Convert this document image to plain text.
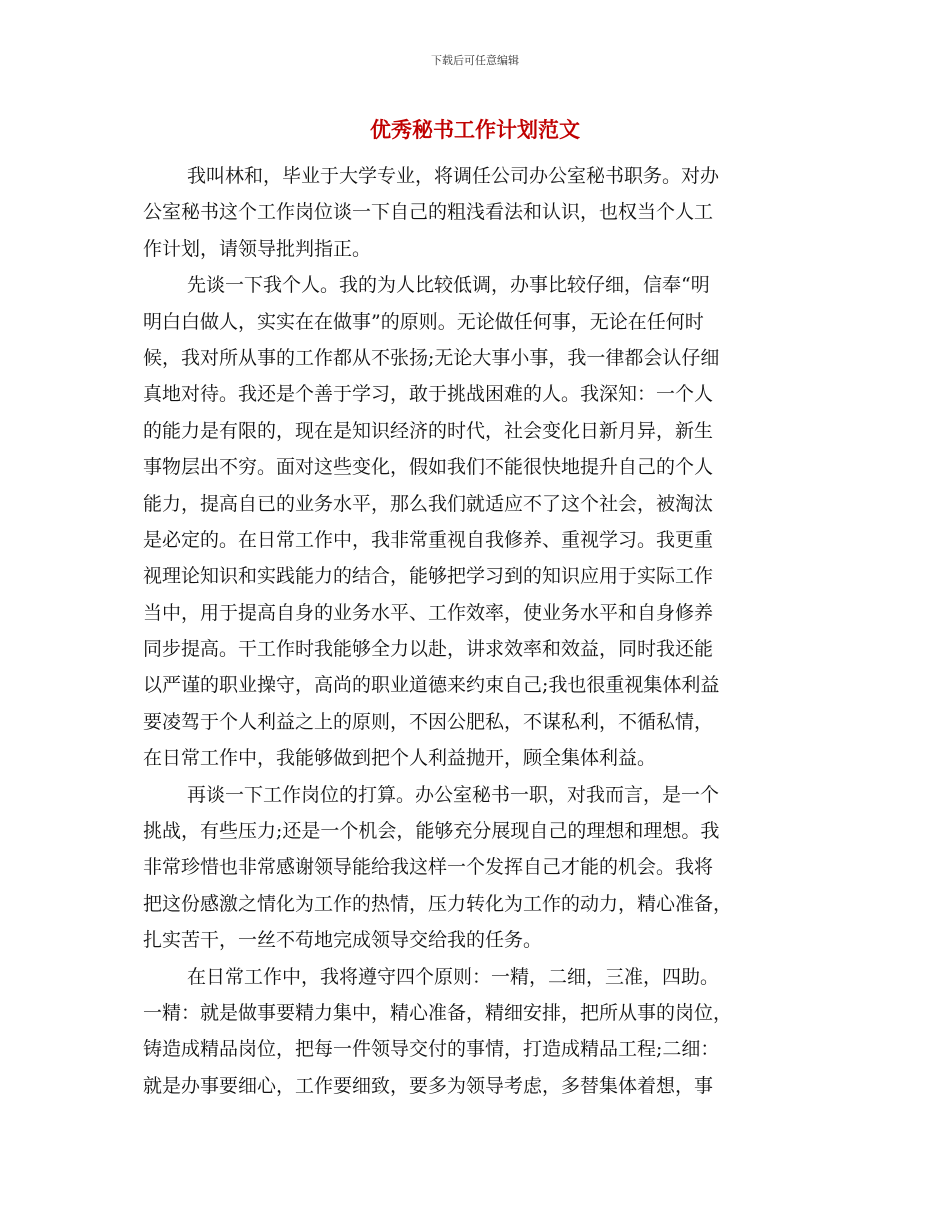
下载后可任意编辑
优秀秘书工作计划范文
我叫林和，毕业于大学专业，将调任公司办公室秘书职务。对办
公室秘书这个工作岗位谈一下自己的粗浅看法和认识，也权当个人工
作计划，请领导批判指正。
先谈一下我个人。我的为人比较低调，办事比较仔细，信奉“明
明白白做人，实实在在做事”的原则。无论做任何事，无论在任何时
候，我对所从事的工作都从不张扬;无论大事小事，我一律都会认仔细
真地对待。我还是个善于学习，敢于挑战困难的人。我深知：一个人
的能力是有限的，现在是知识经济的时代，社会变化日新月异，新生
事物层出不穷。面对这些变化，假如我们不能很快地提升自己的个人
能力，提高自已的业务水平，那么我们就适应不了这个社会，被淘汰
是必定的。在日常工作中，我非常重视自我修养、重视学习。我更重
视理论知识和实践能力的结合，能够把学习到的知识应用于实际工作
当中，用于提高自身的业务水平、工作效率，使业务水平和自身修养
同步提高。干工作时我能够全力以赴，讲求效率和效益，同时我还能
以严谨的职业操守，高尚的职业道德来约束自己;我也很重视集体利益
要凌驾于个人利益之上的原则，不因公肥私，不谋私利，不循私情，
在日常工作中，我能够做到把个人利益抛开，顾全集体利益。
再谈一下工作岗位的打算。办公室秘书一职，对我而言，是一个
挑战，有些压力;还是一个机会，能够充分展现自己的理想和理想。我
非常珍惜也非常感谢领导能给我这样一个发挥自己才能的机会。我将
把这份感激之情化为工作的热情，压力转化为工作的动力，精心准备，
扎实苦干，一丝不苟地完成领导交给我的任务。
在日常工作中，我将遵守四个原则：一精，二细，三准，四助。
一精：就是做事要精力集中，精心准备，精细安排，把所从事的岗位，
铸造成精品岗位，把每一件领导交付的事情，打造成精品工程;二细：
就是办事要细心，工作要细致，要多为领导考虑，多替集体着想，事
